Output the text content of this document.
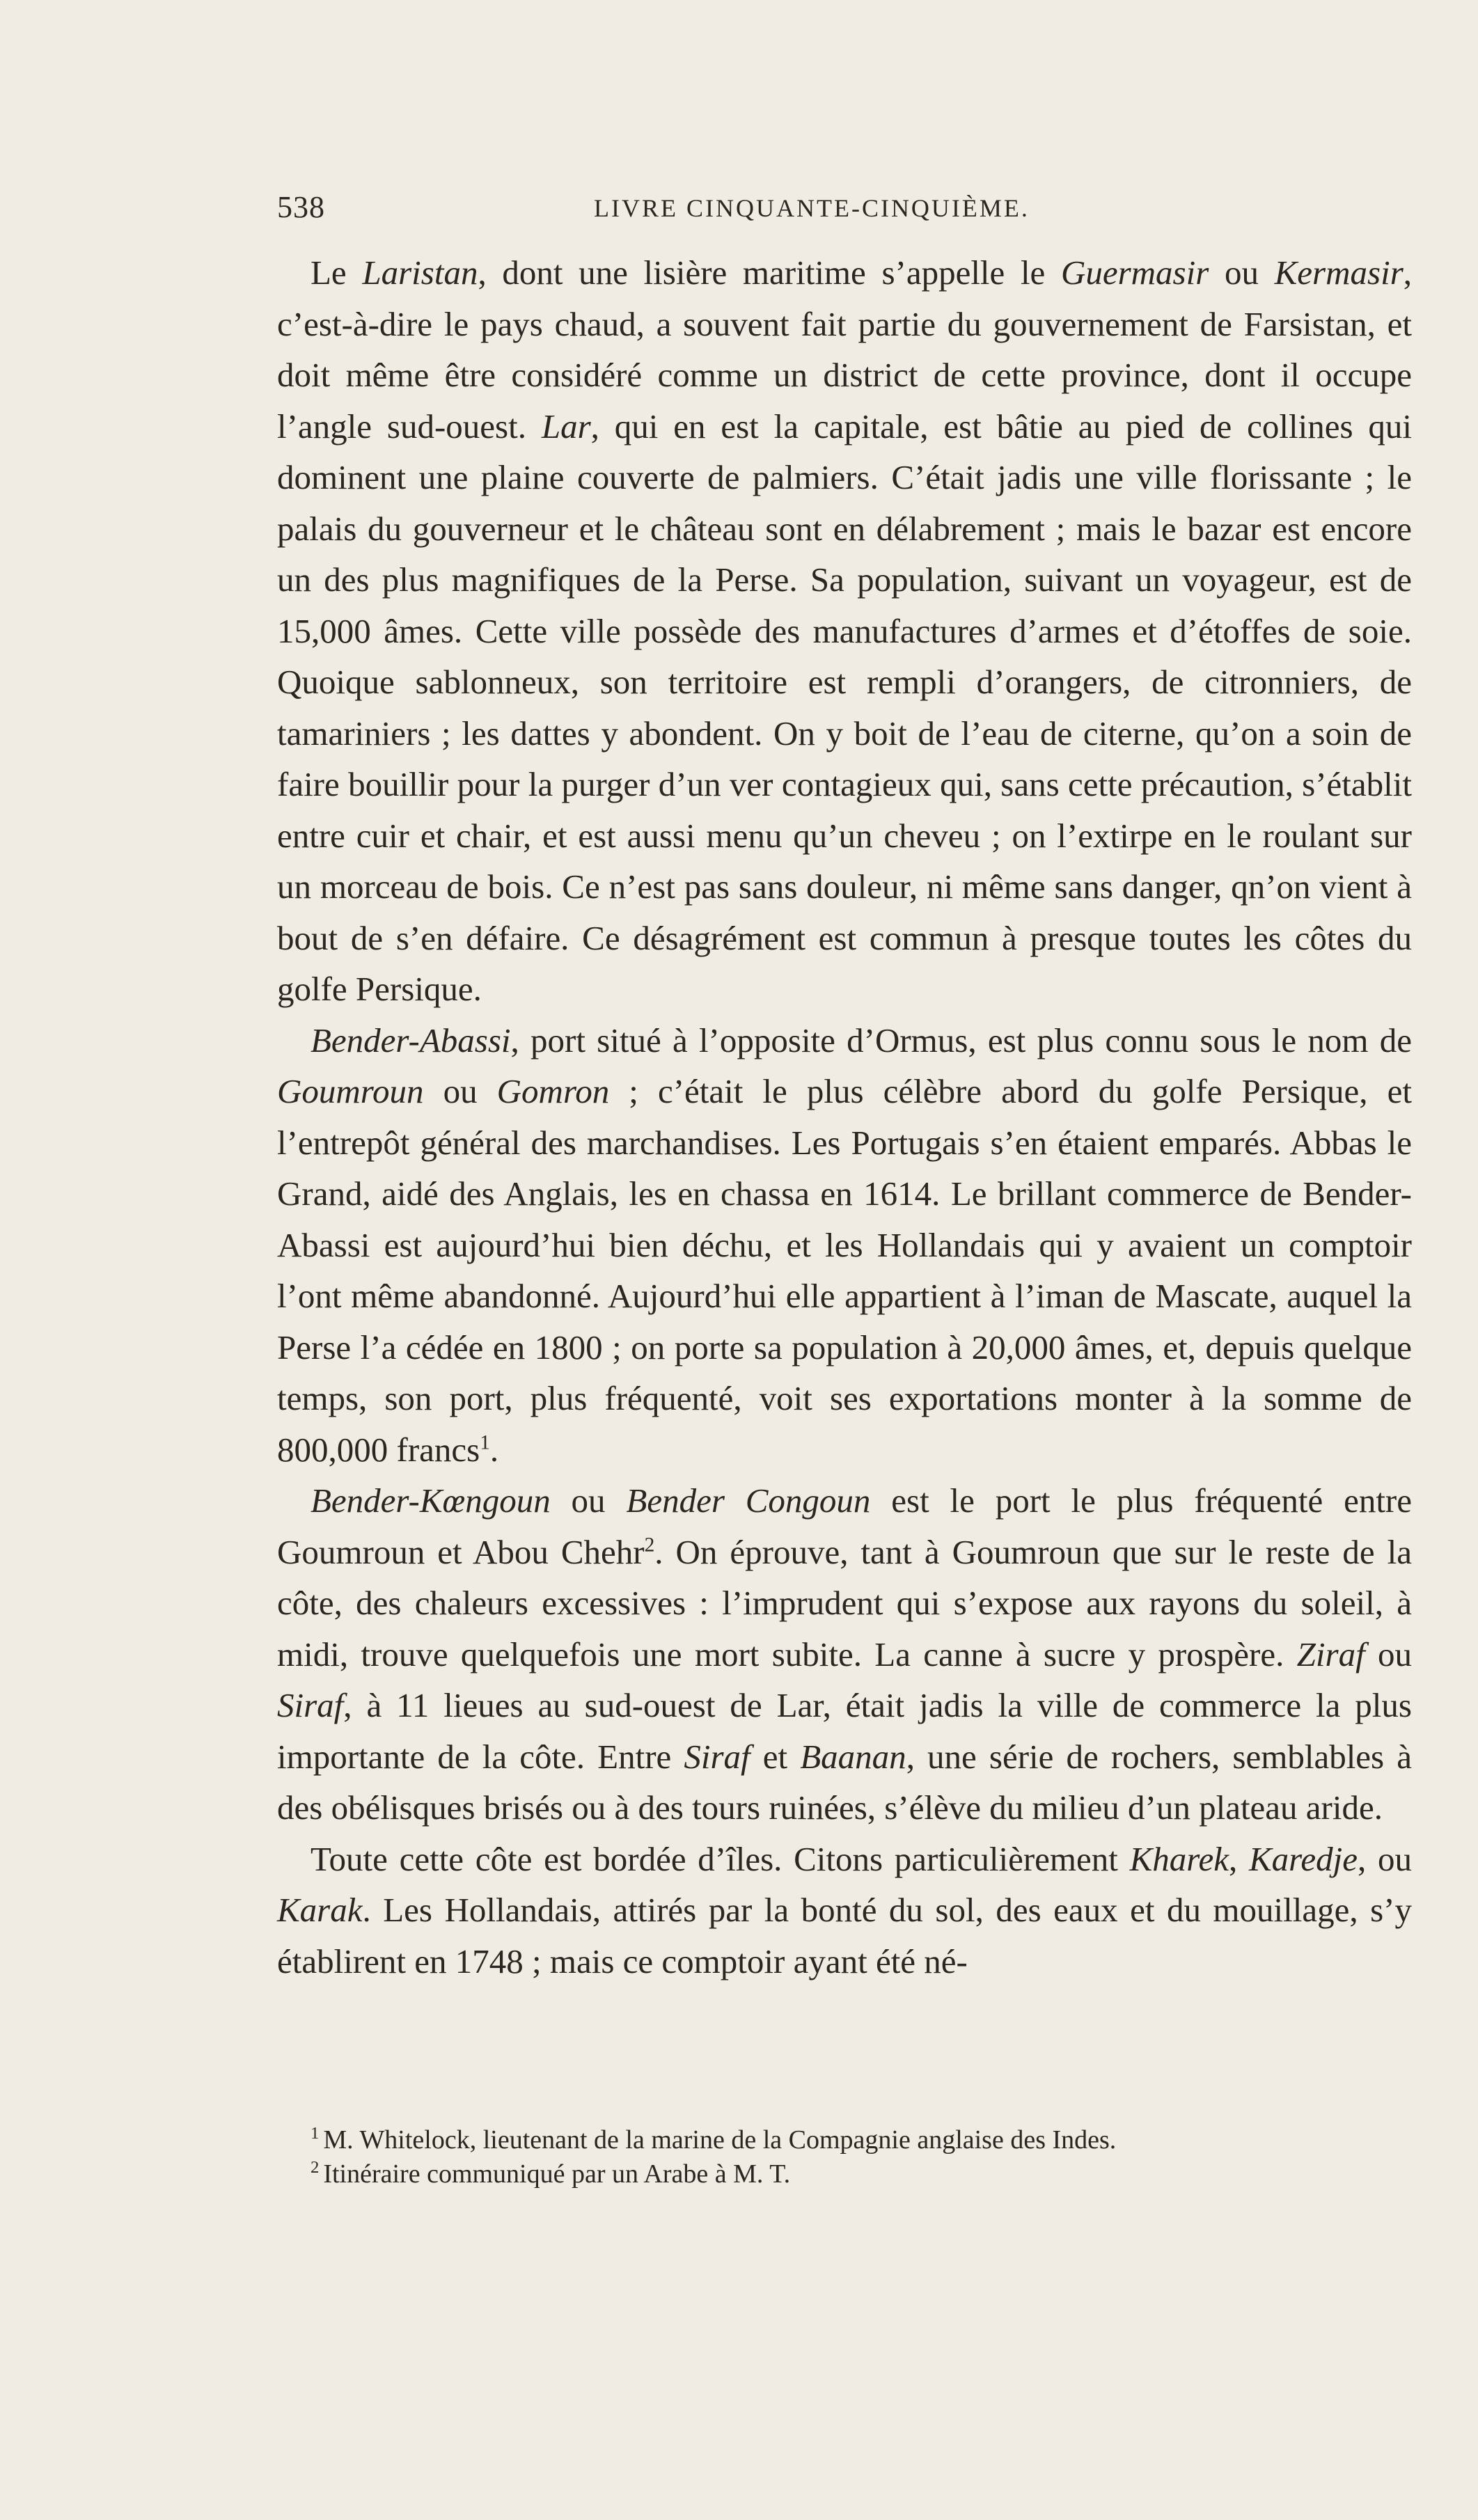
538	LIVRE CINQUANTE-CINQUIÈME.

Le Laristan, dont une lisière maritime s’appelle le Guermasir ou Kermasir, c’est-à-dire le pays chaud, a souvent fait partie du gouvernement de Farsistan, et doit même être considéré comme un district de cette province, dont il occupe l’angle sud-ouest. Lar, qui en est la capitale, est bâtie au pied de collines qui dominent une plaine couverte de palmiers. C’était jadis une ville florissante ; le palais du gouverneur et le château sont en délabrement ; mais le bazar est encore un des plus magnifiques de la Perse. Sa population, suivant un voyageur, est de 15,000 âmes. Cette ville possède des manufactures d’armes et d’étoffes de soie. Quoique sablonneux, son territoire est rempli d’orangers, de citronniers, de tamariniers ; les dattes y abondent. On y boit de l’eau de citerne, qu’on a soin de faire bouillir pour la purger d’un ver contagieux qui, sans cette précaution, s’établit entre cuir et chair, et est aussi menu qu’un cheveu ; on l’extirpe en le roulant sur un morceau de bois. Ce n’est pas sans douleur, ni même sans danger, qn’on vient à bout de s’en défaire. Ce désagrément est commun à presque toutes les côtes du golfe Persique.

Bender-Abassi, port situé à l’opposite d’Ormus, est plus connu sous le nom de Goumroun ou Gomron ; c’était le plus célèbre abord du golfe Persique, et l’entrepôt général des marchandises. Les Portugais s’en étaient emparés. Abbas le Grand, aidé des Anglais, les en chassa en 1614. Le brillant commerce de Bender-Abassi est aujourd’hui bien déchu, et les Hollandais qui y avaient un comptoir l’ont même abandonné. Aujourd’hui elle appartient à l’iman de Mascate, auquel la Perse l’a cédée en 1800 ; on porte sa population à 20,000 âmes, et, depuis quelque temps, son port, plus fréquenté, voit ses exportations monter à la somme de 800,000 francs$^1$.

Bender-Kœngoun ou Bender Congoun est le port le plus fréquenté entre Goumroun et Abou Chehr$^2$. On éprouve, tant à Goumroun que sur le reste de la côte, des chaleurs excessives : l’imprudent qui s’expose aux rayons du soleil, à midi, trouve quelquefois une mort subite. La canne à sucre y prospère. Ziraf ou Siraf, à 11 lieues au sud-ouest de Lar, était jadis la ville de commerce la plus importante de la côte. Entre Siraf et Baanan, une série de rochers, semblables à des obélisques brisés ou à des tours ruinées, s’élève du milieu d’un plateau aride.

Toute cette côte est bordée d’îles. Citons particulièrement Kharek, Karedje, ou Karak. Les Hollandais, attirés par la bonté du sol, des eaux et du mouillage, s’y établirent en 1748 ; mais ce comptoir ayant été né-

$^1$ M. Whitelock, lieutenant de la marine de la Compagnie anglaise des Indes.
$^2$ Itinéraire communiqué par un Arabe à M. T.
